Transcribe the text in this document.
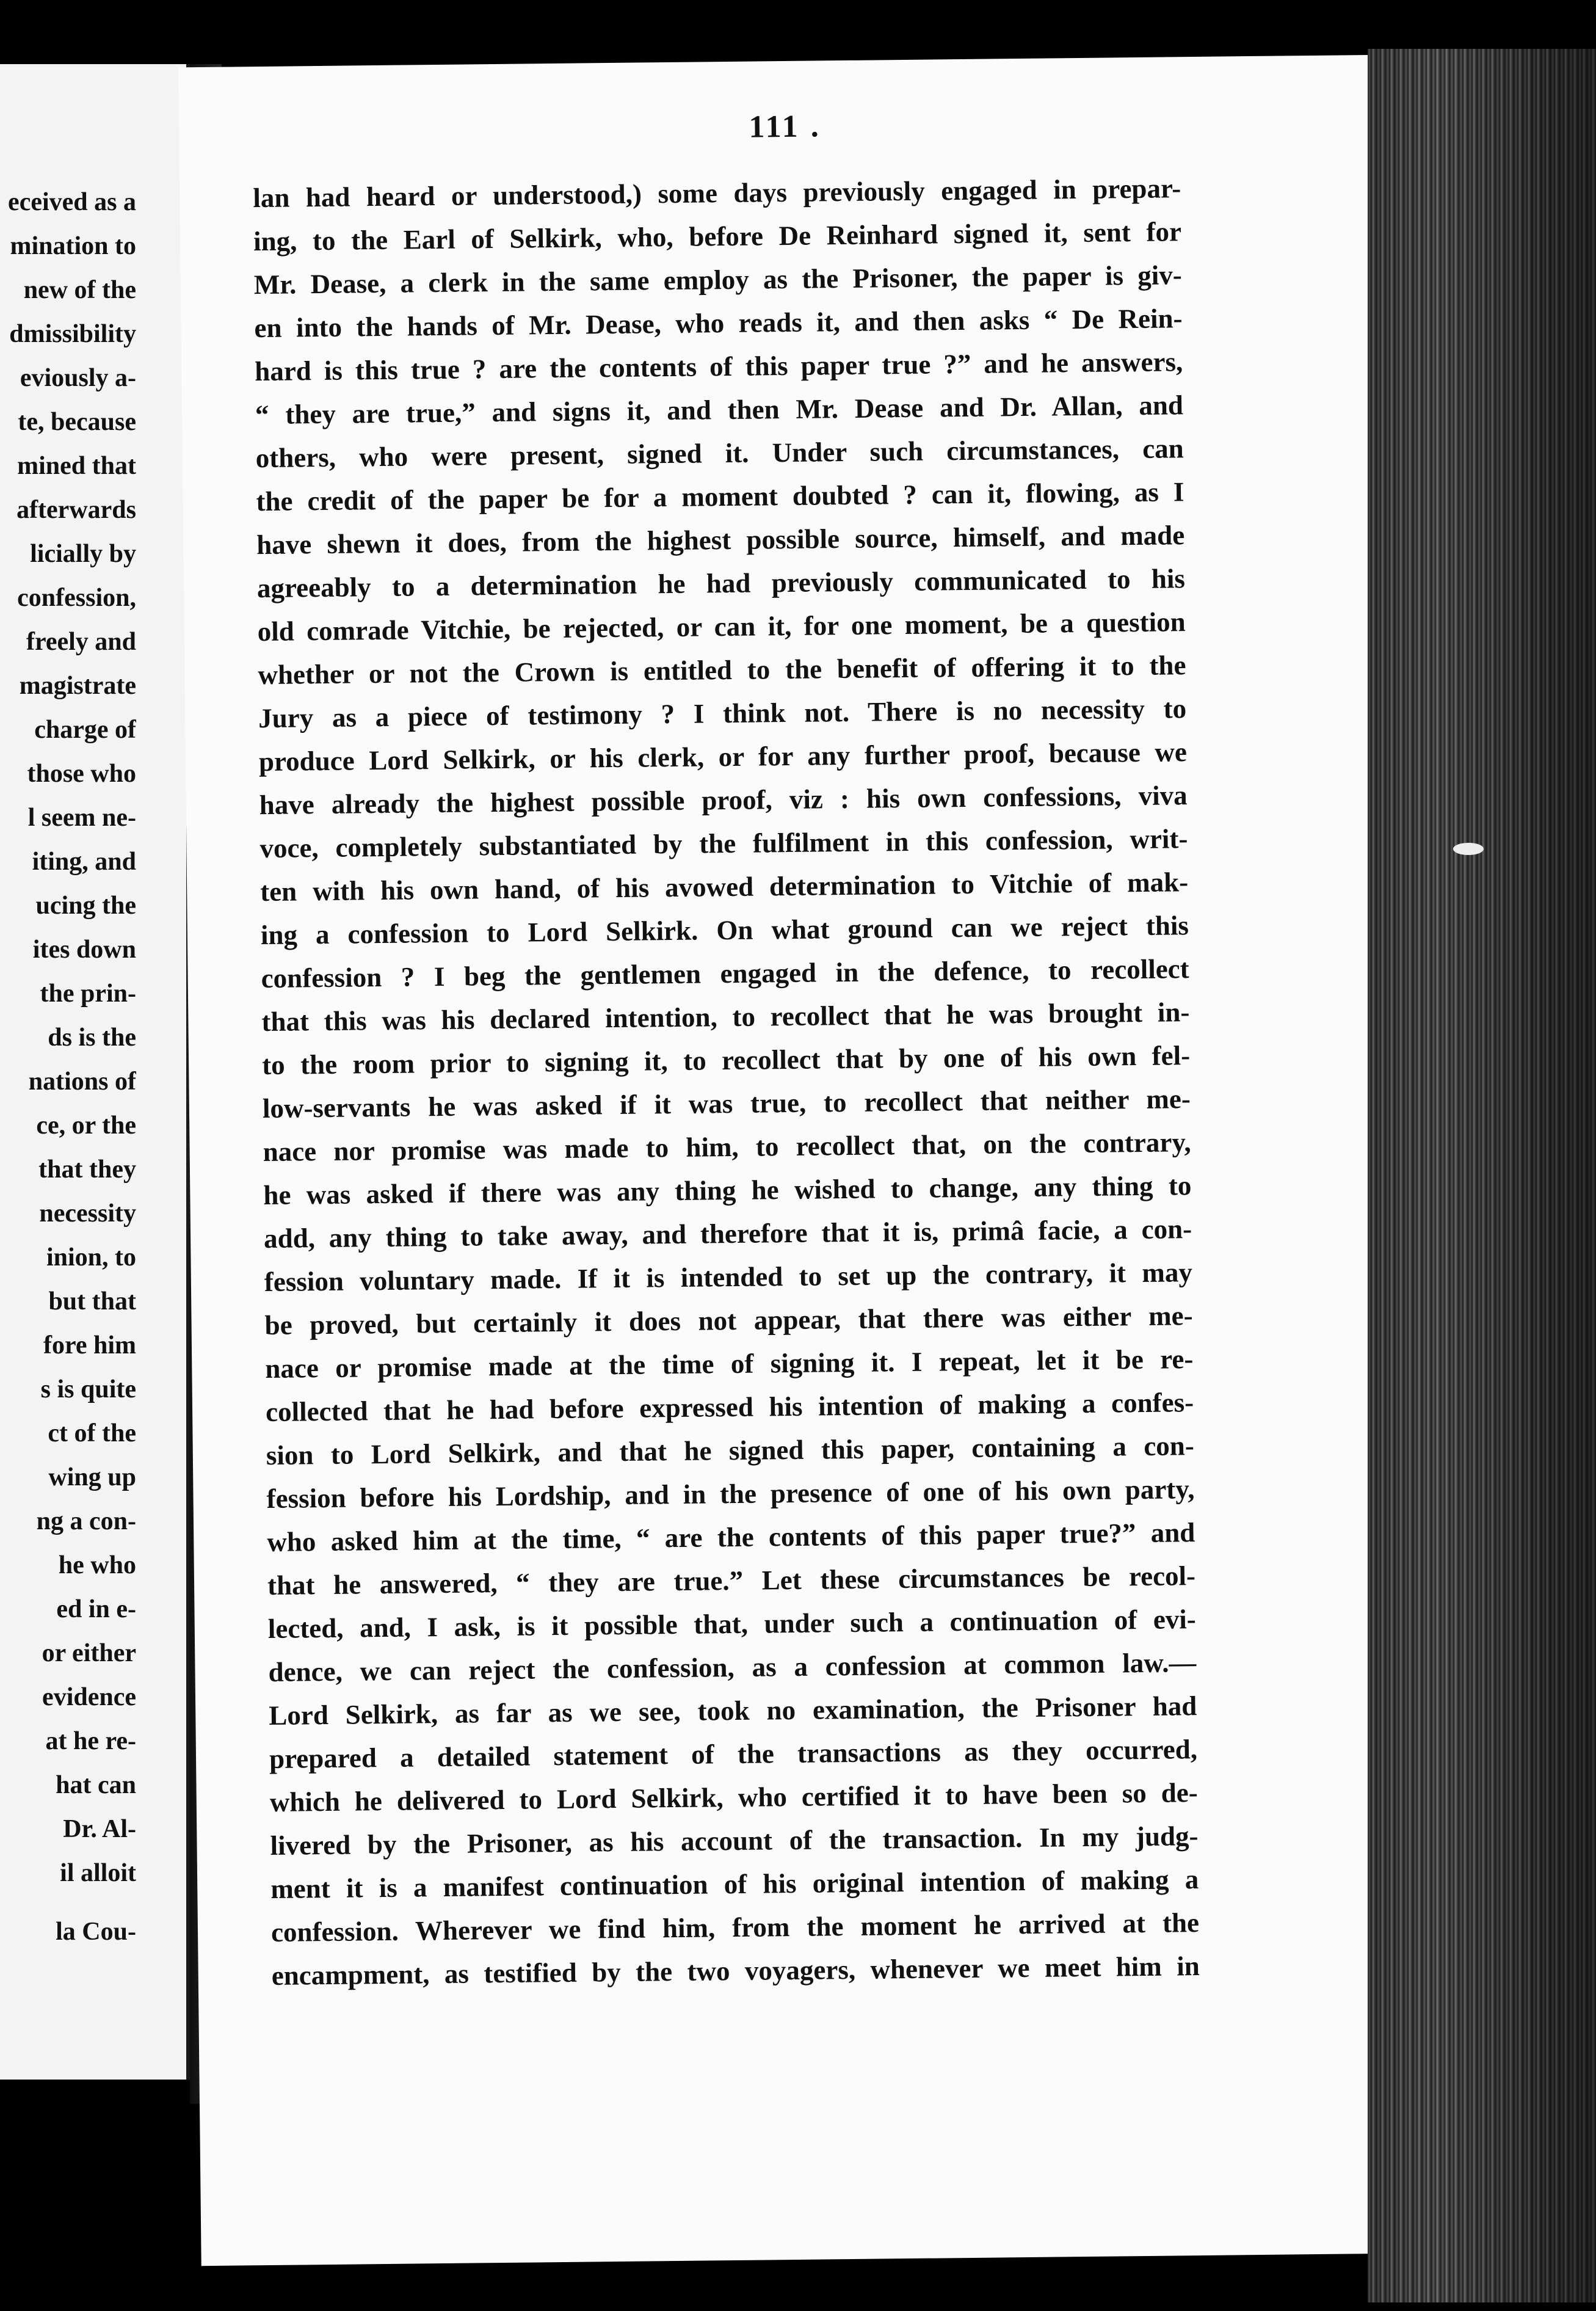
eceived as a
mination to
new of the
dmissibility
eviously a-
te, because
mined that
afterwards
licially by
confession,
freely and
magistrate
charge of
those who
l seem ne-
iting, and
ucing the
ites down
the prin-
ds is the
nations of
ce, or the
that they
necessity
inion, to
but that
fore him
s is quite
ct of the
wing up
ng a con-
he who
ed in e-
or either
evidence
at he re-
hat can
Dr. Al-
il alloit
la Cou-
111 .
lan had heard or understood,) some days previously engaged in prepar-
ing, to the Earl of Selkirk, who, before De Reinhard signed it, sent for
Mr. Dease, a clerk in the same employ as the Prisoner, the paper is giv-
en into the hands of Mr. Dease, who reads it, and then asks “ De Rein-
hard is this true ? are the contents of this paper true ?” and he answers,
“ they are true,” and signs it, and then Mr. Dease and Dr. Allan, and
others, who were present, signed it. Under such circumstances, can
the credit of the paper be for a moment doubted ? can it, flowing, as I
have shewn it does, from the highest possible source, himself, and made
agreeably to a determination he had previously communicated to his
old comrade Vitchie, be rejected, or can it, for one moment, be a question
whether or not the Crown is entitled to the benefit of offering it to the
Jury as a piece of testimony ? I think not. There is no necessity to
produce Lord Selkirk, or his clerk, or for any further proof, because we
have already the highest possible proof, viz : his own confessions, viva
voce, completely substantiated by the fulfilment in this confession, writ-
ten with his own hand, of his avowed determination to Vitchie of mak-
ing a confession to Lord Selkirk. On what ground can we reject this
confession ? I beg the gentlemen engaged in the defence, to recollect
that this was his declared intention, to recollect that he was brought in-
to the room prior to signing it, to recollect that by one of his own fel-
low-servants he was asked if it was true, to recollect that neither me-
nace nor promise was made to him, to recollect that, on the contrary,
he was asked if there was any thing he wished to change, any thing to
add, any thing to take away, and therefore that it is, primâ facie, a con-
fession voluntary made. If it is intended to set up the contrary, it may
be proved, but certainly it does not appear, that there was either me-
nace or promise made at the time of signing it. I repeat, let it be re-
collected that he had before expressed his intention of making a confes-
sion to Lord Selkirk, and that he signed this paper, containing a con-
fession before his Lordship, and in the presence of one of his own party,
who asked him at the time, “ are the contents of this paper true?” and
that he answered, “ they are true.” Let these circumstances be recol-
lected, and, I ask, is it possible that, under such a continuation of evi-
dence, we can reject the confession, as a confession at common law.—
Lord Selkirk, as far as we see, took no examination, the Prisoner had
prepared a detailed statement of the transactions as they occurred,
which he delivered to Lord Selkirk, who certified it to have been so de-
livered by the Prisoner, as his account of the transaction. In my judg-
ment it is a manifest continuation of his original intention of making a
confession. Wherever we find him, from the moment he arrived at the
encampment, as testified by the two voyagers, whenever we meet him in
